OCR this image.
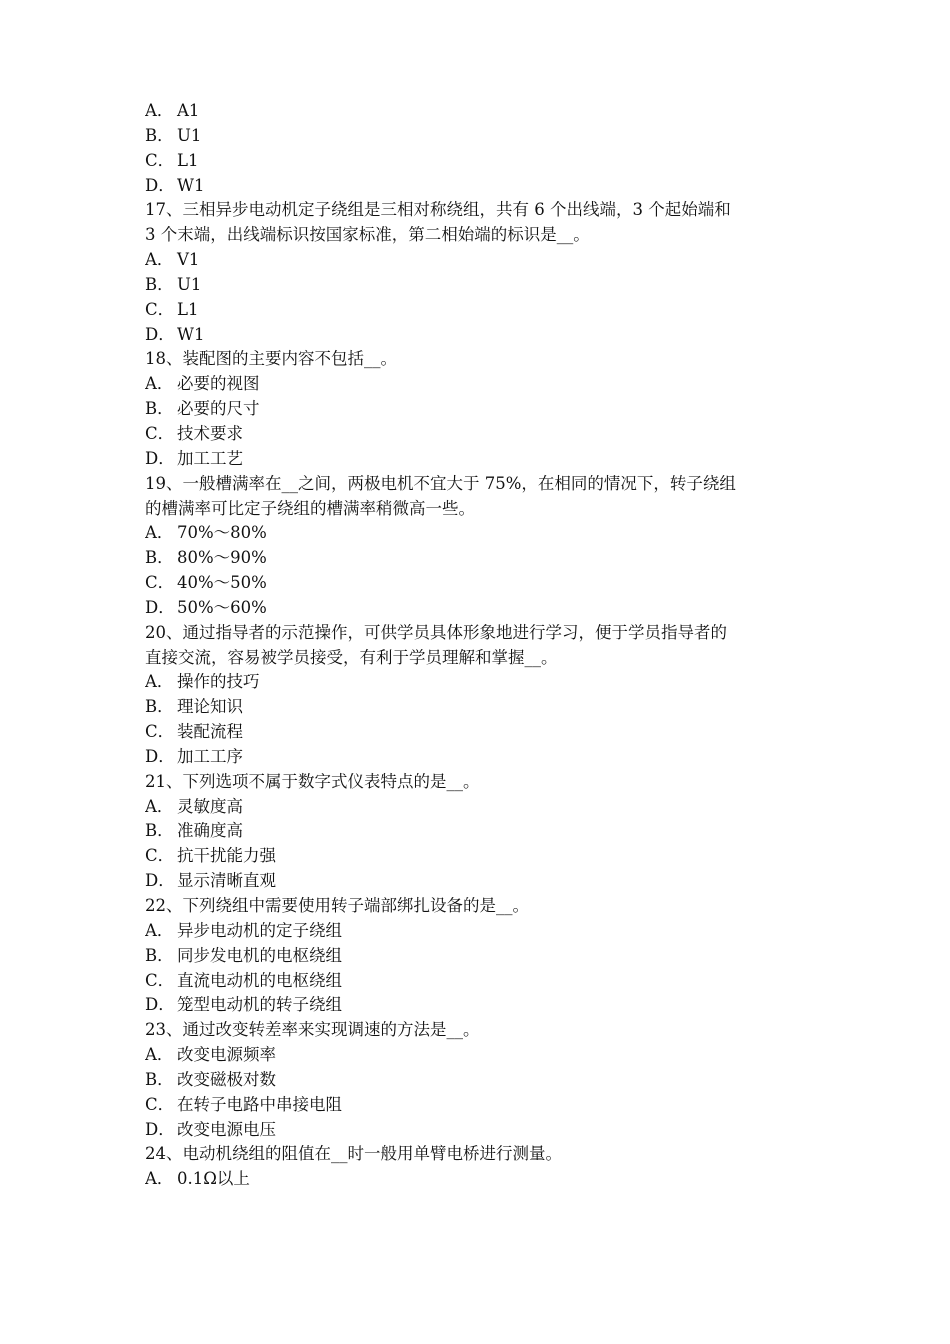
A． A1
B． U1
C． L1
D． W1
17、三相异步电动机定子绕组是三相对称绕组，共有 6 个出线端，3 个起始端和
3 个末端，出线端标识按国家标准，第二相始端的标识是__。
A． V1
B． U1
C． L1
D． W1
18、装配图的主要内容不包括__。
A． 必要的视图
B． 必要的尺寸
C． 技术要求
D． 加工工艺
19、一般槽满率在__之间，两极电机不宜大于 75%，在相同的情况下，转子绕组
的槽满率可比定子绕组的槽满率稍微高一些。
A． 70%～80%
B． 80%～90%
C． 40%～50%
D． 50%～60%
20、通过指导者的示范操作，可供学员具体形象地进行学习，便于学员指导者的
直接交流，容易被学员接受，有利于学员理解和掌握__。
A． 操作的技巧
B． 理论知识
C． 装配流程
D． 加工工序
21、下列选项不属于数字式仪表特点的是__。
A． 灵敏度高
B． 准确度高
C． 抗干扰能力强
D． 显示清晰直观
22、下列绕组中需要使用转子端部绑扎设备的是__。
A． 异步电动机的定子绕组
B． 同步发电机的电枢绕组
C． 直流电动机的电枢绕组
D． 笼型电动机的转子绕组
23、通过改变转差率来实现调速的方法是__。
A． 改变电源频率
B． 改变磁极对数
C． 在转子电路中串接电阻
D． 改变电源电压
24、电动机绕组的阻值在__时一般用单臂电桥进行测量。
A． 0.1Ω以上
